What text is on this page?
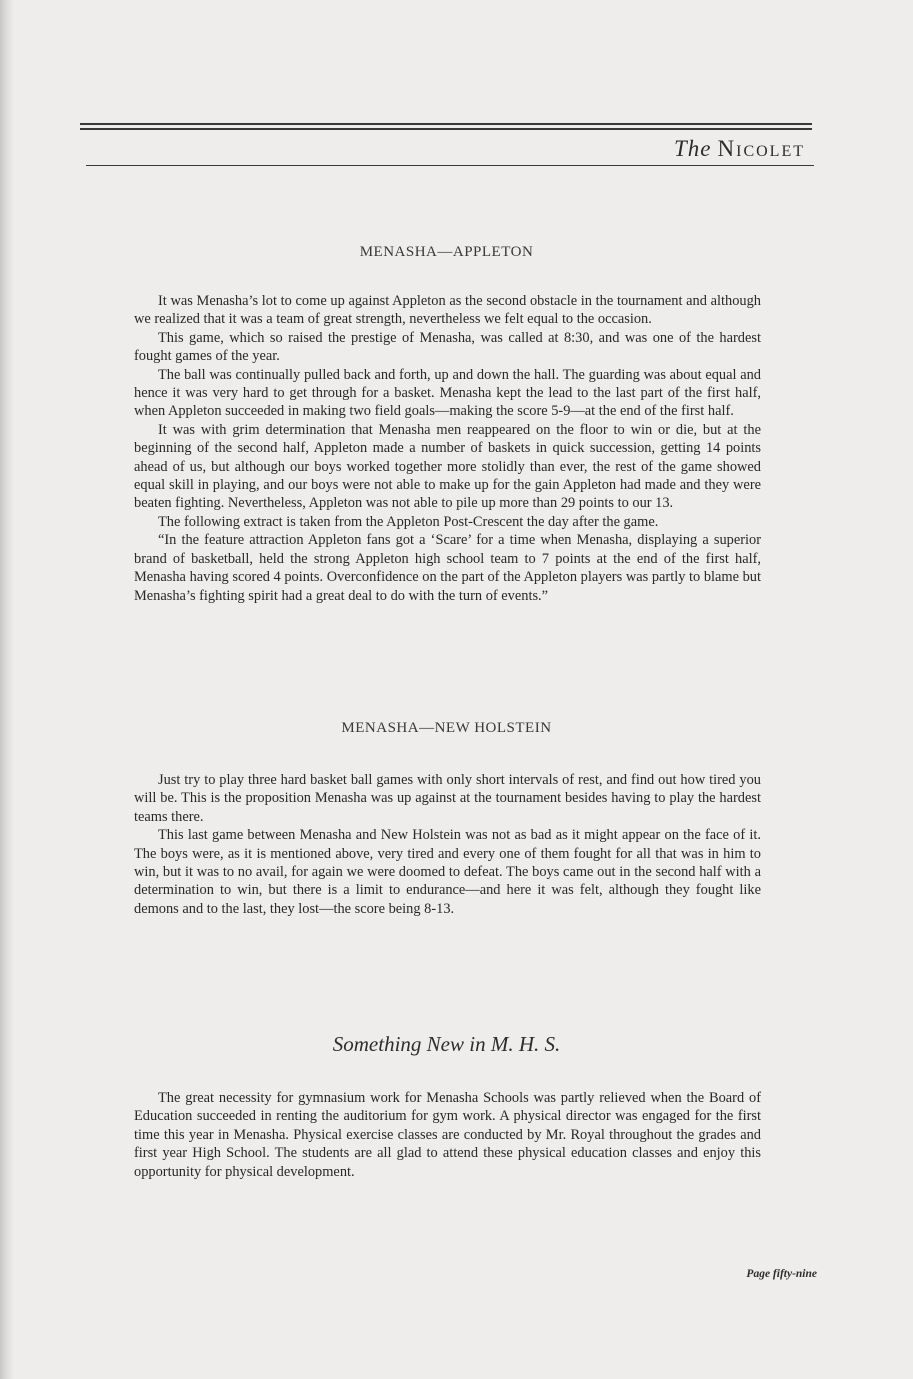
The Nicolet
MENASHA—APPLETON

It was Menasha’s lot to come up against Appleton as the second obstacle in the tournament and although we realized that it was a team of great strength, nevertheless we felt equal to the occasion.

This game, which so raised the prestige of Menasha, was called at 8:30, and was one of the hardest fought games of the year.

The ball was continually pulled back and forth, up and down the hall. The guarding was about equal and hence it was very hard to get through for a basket. Menasha kept the lead to the last part of the first half, when Appleton succeeded in making two field goals—making the score 5-9—at the end of the first half.

It was with grim determination that Menasha men reappeared on the floor to win or die, but at the beginning of the second half, Appleton made a number of baskets in quick succession, getting 14 points ahead of us, but although our boys worked together more stolidly than ever, the rest of the game showed equal skill in playing, and our boys were not able to make up for the gain Appleton had made and they were beaten fighting. Nevertheless, Appleton was not able to pile up more than 29 points to our 13.

The following extract is taken from the Appleton Post-Crescent the day after the game.

“In the feature attraction Appleton fans got a ‘Scare’ for a time when Menasha, displaying a superior brand of basketball, held the strong Appleton high school team to 7 points at the end of the first half, Menasha having scored 4 points. Overconfidence on the part of the Appleton players was partly to blame but Menasha’s fighting spirit had a great deal to do with the turn of events.”

MENASHA—NEW HOLSTEIN

Just try to play three hard basket ball games with only short intervals of rest, and find out how tired you will be. This is the proposition Menasha was up against at the tournament besides having to play the hardest teams there.

This last game between Menasha and New Holstein was not as bad as it might appear on the face of it. The boys were, as it is mentioned above, very tired and every one of them fought for all that was in him to win, but it was to no avail, for again we were doomed to defeat. The boys came out in the second half with a determination to win, but there is a limit to endurance—and here it was felt, although they fought like demons and to the last, they lost—the score being 8-13.

Something New in M. H. S.

The great necessity for gymnasium work for Menasha Schools was partly relieved when the Board of Education succeeded in renting the auditorium for gym work. A physical director was engaged for the first time this year in Menasha. Physical exercise classes are conducted by Mr. Royal throughout the grades and first year High School. The students are all glad to attend these physical education classes and enjoy this opportunity for physical development.

Page fifty-nine
